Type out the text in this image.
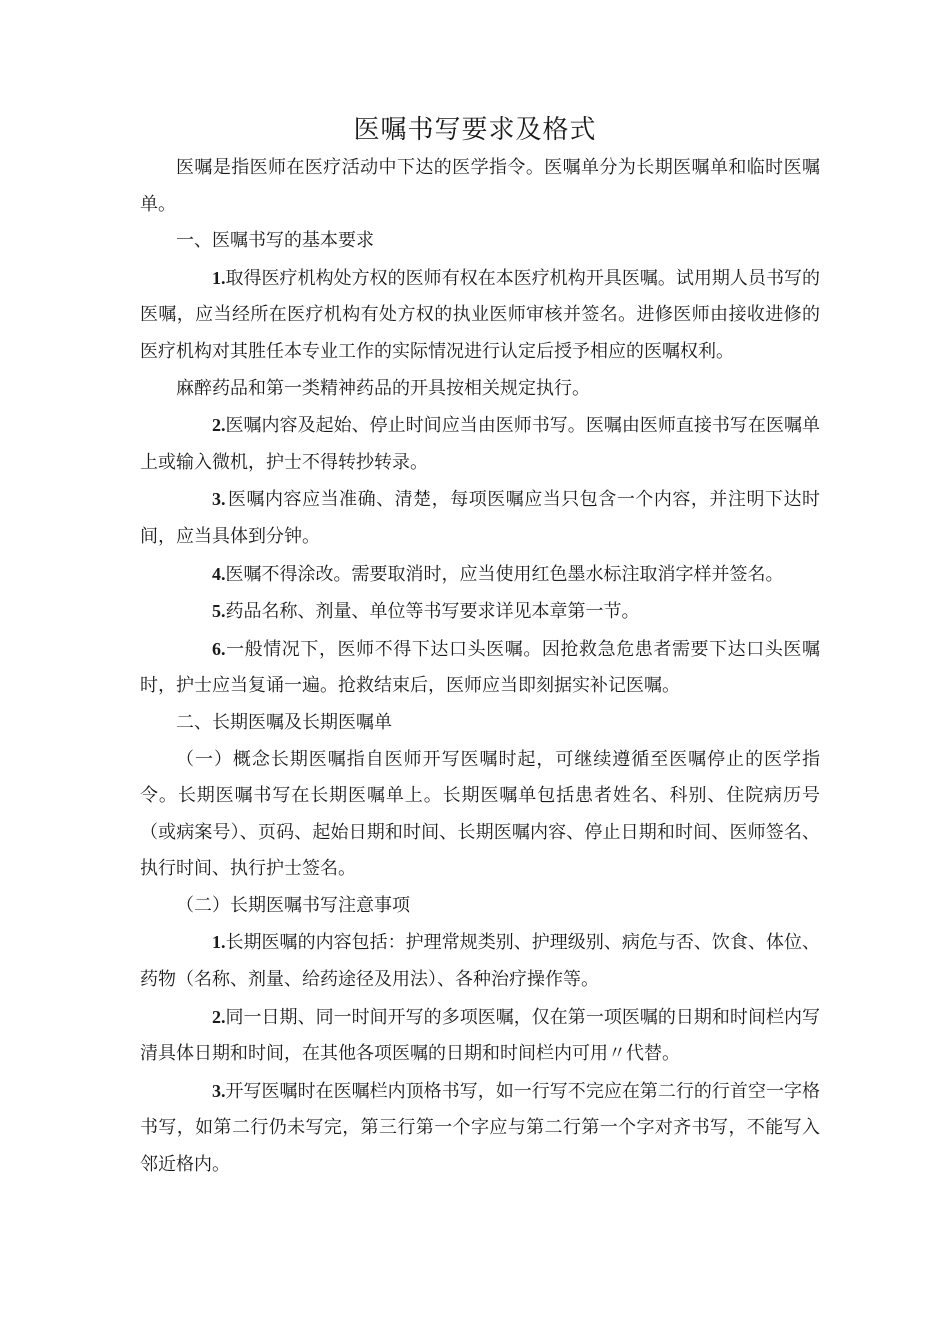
医嘱书写要求及格式

医嘱是指医师在医疗活动中下达的医学指令。医嘱单分为长期医嘱单和临时医嘱单。

一、医嘱书写的基本要求

1.取得医疗机构处方权的医师有权在本医疗机构开具医嘱。试用期人员书写的医嘱，应当经所在医疗机构有处方权的执业医师审核并签名。进修医师由接收进修的医疗机构对其胜任本专业工作的实际情况进行认定后授予相应的医嘱权利。

麻醉药品和第一类精神药品的开具按相关规定执行。

2.医嘱内容及起始、停止时间应当由医师书写。医嘱由医师直接书写在医嘱单上或输入微机，护士不得转抄转录。

3. 医嘱内容应当准确、清楚，每项医嘱应当只包含一个内容，并注明下达时间，应当具体到分钟。

4.医嘱不得涂改。需要取消时，应当使用红色墨水标注取消字样并签名。

5.药品名称、剂量、单位等书写要求详见本章第一节。

6.一般情况下，医师不得下达口头医嘱。因抢救急危患者需要下达口头医嘱时，护士应当复诵一遍。抢救结束后，医师应当即刻据实补记医嘱。

二、长期医嘱及长期医嘱单

（一）概念长期医嘱指自医师开写医嘱时起，可继续遵循至医嘱停止的医学指令。长期医嘱书写在长期医嘱单上。长期医嘱单包括患者姓名、科别、住院病历号（或病案号）、页码、起始日期和时间、长期医嘱内容、停止日期和时间、医师签名、执行时间、执行护士签名。

（二）长期医嘱书写注意事项

1.长期医嘱的内容包括：护理常规类别、护理级别、病危与否、饮食、体位、药物（名称、剂量、给药途径及用法）、各种治疗操作等。

2.同一日期、同一时间开写的多项医嘱，仅在第一项医嘱的日期和时间栏内写清具体日期和时间，在其他各项医嘱的日期和时间栏内可用〃代替。

3.开写医嘱时在医嘱栏内顶格书写，如一行写不完应在第二行的行首空一字格书写，如第二行仍未写完，第三行第一个字应与第二行第一个字对齐书写，不能写入邻近格内。
